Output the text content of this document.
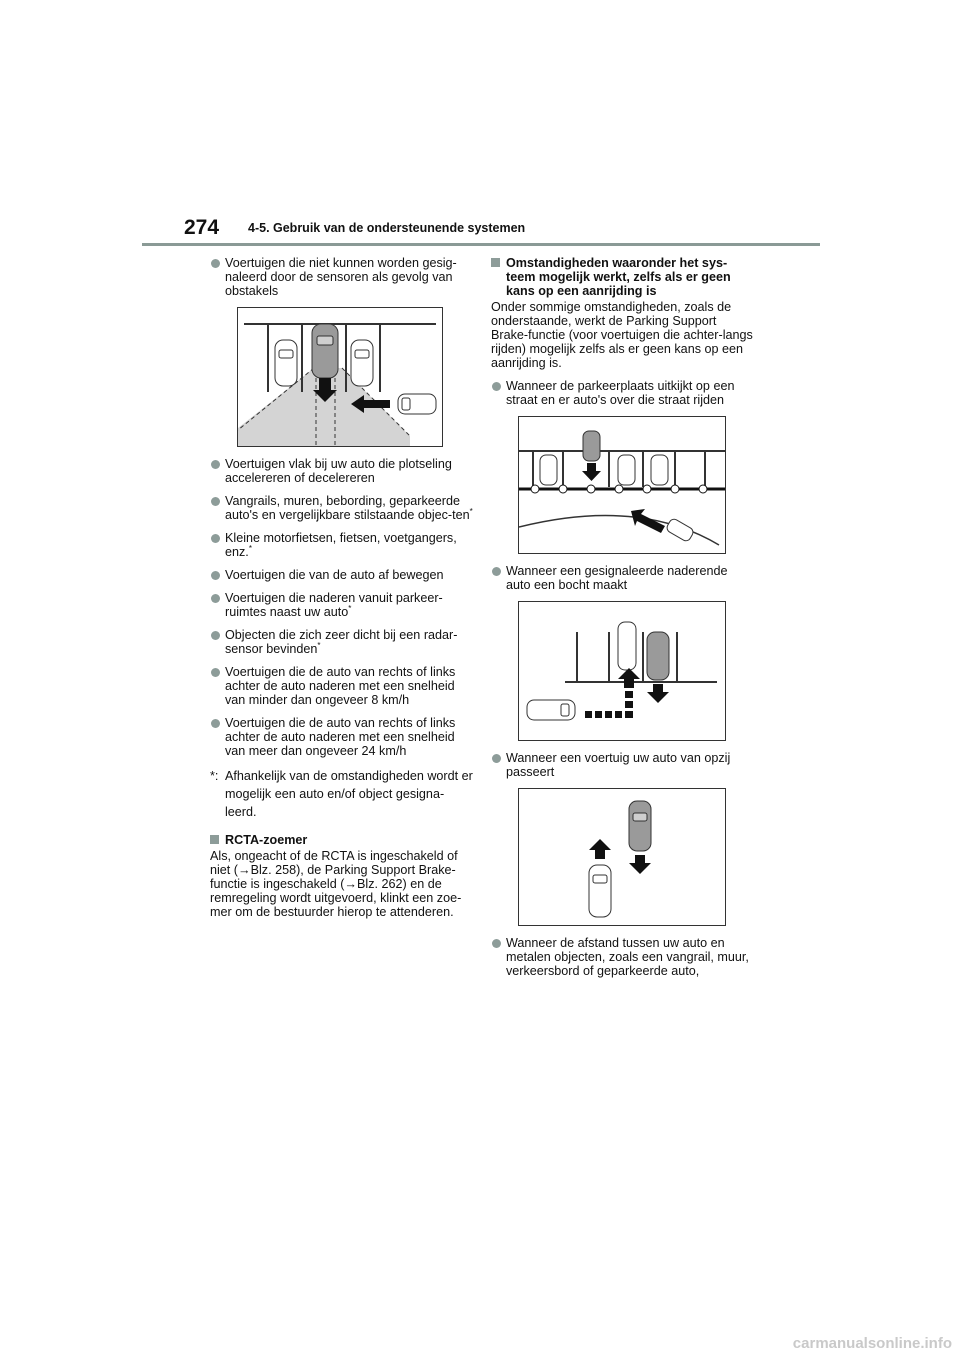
274 4-5. Gebruik van de ondersteunende systemen
Voertuigen die niet kunnen worden gesig-naleerd door de sensoren als gevolg van obstakels
Voertuigen vlak bij uw auto die plotseling accelereren of decelereren
Vangrails, muren, bebording, geparkeerde auto's en vergelijkbare stilstaande objec-ten*
Kleine motorfietsen, fietsen, voetgangers, enz.*
Voertuigen die van de auto af bewegen
Voertuigen die naderen vanuit parkeer-ruimtes naast uw auto*
Objecten die zich zeer dicht bij een radar-sensor bevinden*
Voertuigen die de auto van rechts of links achter de auto naderen met een snelheid van minder dan ongeveer 8 km/h
Voertuigen die de auto van rechts of links achter de auto naderen met een snelheid van meer dan ongeveer 24 km/h
*: Afhankelijk van de omstandigheden wordt er mogelijk een auto en/of object gesigna-leerd.
RCTA-zoemer
Als, ongeacht of de RCTA is ingeschakeld of niet (→Blz. 258), de Parking Support Brake-functie is ingeschakeld (→Blz. 262) en de remregeling wordt uitgevoerd, klinkt een zoe-mer om de bestuurder hierop te attenderen.
Omstandigheden waaronder het sys-teem mogelijk werkt, zelfs als er geen kans op een aanrijding is
Onder sommige omstandigheden, zoals de onderstaande, werkt de Parking Support Brake-functie (voor voertuigen die achter-langs rijden) mogelijk zelfs als er geen kans op een aanrijding is.
Wanneer de parkeerplaats uitkijkt op een straat en er auto's over die straat rijden
Wanneer een gesignaleerde naderende auto een bocht maakt
Wanneer een voertuig uw auto van opzij passeert
Wanneer de afstand tussen uw auto en metalen objecten, zoals een vangrail, muur, verkeersbord of geparkeerde auto,
carmanualsonline.info
